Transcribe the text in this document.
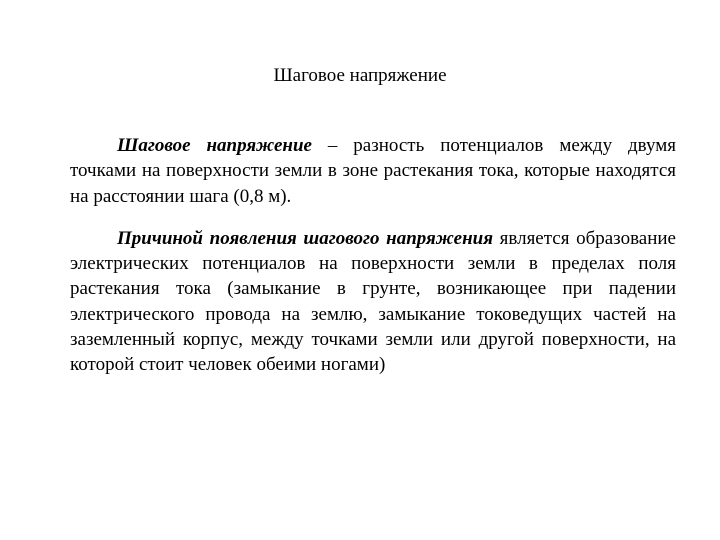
Шаговое напряжение

Шаговое напряжение – разность потенциалов между двумя точками на поверхности земли в зоне растекания тока, которые находятся на расстоянии шага (0,8 м).

Причиной появления шагового напряжения является образование электрических потенциалов на поверхности земли в пределах поля растекания тока (замыкание в грунте, возникающее при падении электрического провода на землю, замыкание токоведущих частей на заземленный корпус, между точками земли или другой поверхности, на которой стоит человек обеими ногами)
